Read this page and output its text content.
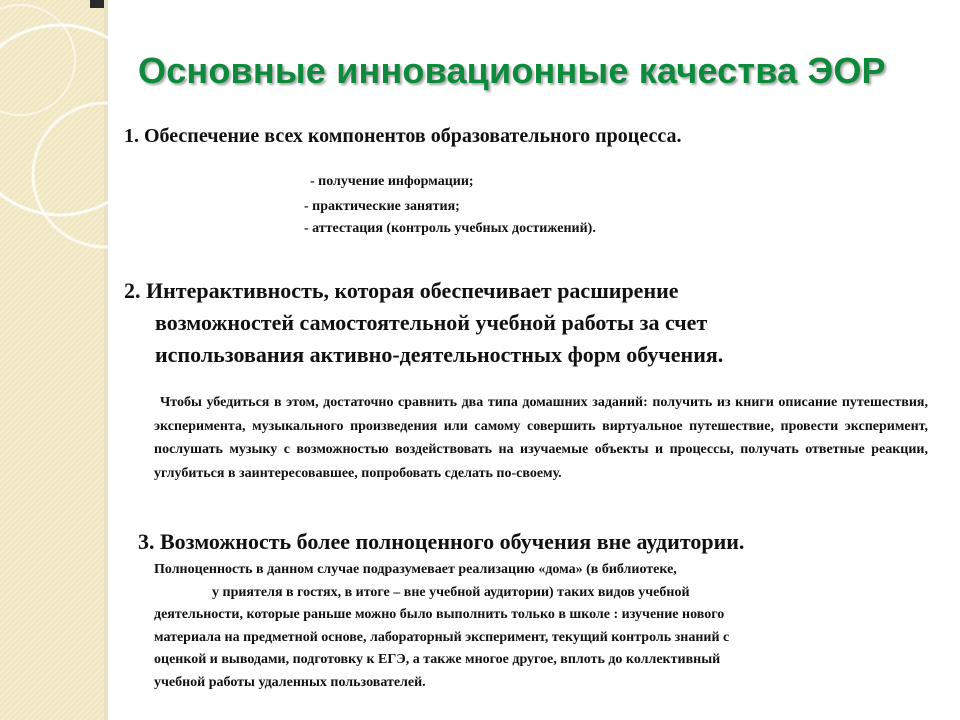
Основные инновационные качества ЭОР
1. Обеспечение всех компонентов образовательного процесса.
- получение информации;
- практические занятия;
- аттестация (контроль учебных достижений).
2. Интерактивность, которая обеспечивает расширение
возможностей самостоятельной учебной работы за счет
использования активно-деятельностных форм обучения.
Чтобы убедиться в этом, достаточно сравнить два типа домашних заданий: получить из книги описание путешествия, эксперимента, музыкального произведения или самому совершить виртуальное путешествие, провести эксперимент, послушать музыку с возможностью воздействовать на изучаемые объекты и процессы, получать ответные реакции, углубиться в заинтересовавшее, попробовать сделать по-своему.
3. Возможность более полноценного обучения вне аудитории.
Полноценность в данном случае подразумевает реализацию «дома» (в библиотеке,
у приятеля в гостях, в итоге – вне учебной аудитории) таких видов учебной
деятельности, которые раньше можно было выполнить только в школе : изучение нового
материала на предметной основе, лабораторный эксперимент, текущий контроль знаний с
оценкой и выводами, подготовку к ЕГЭ, а также многое другое, вплоть до коллективный
учебной работы удаленных пользователей.
